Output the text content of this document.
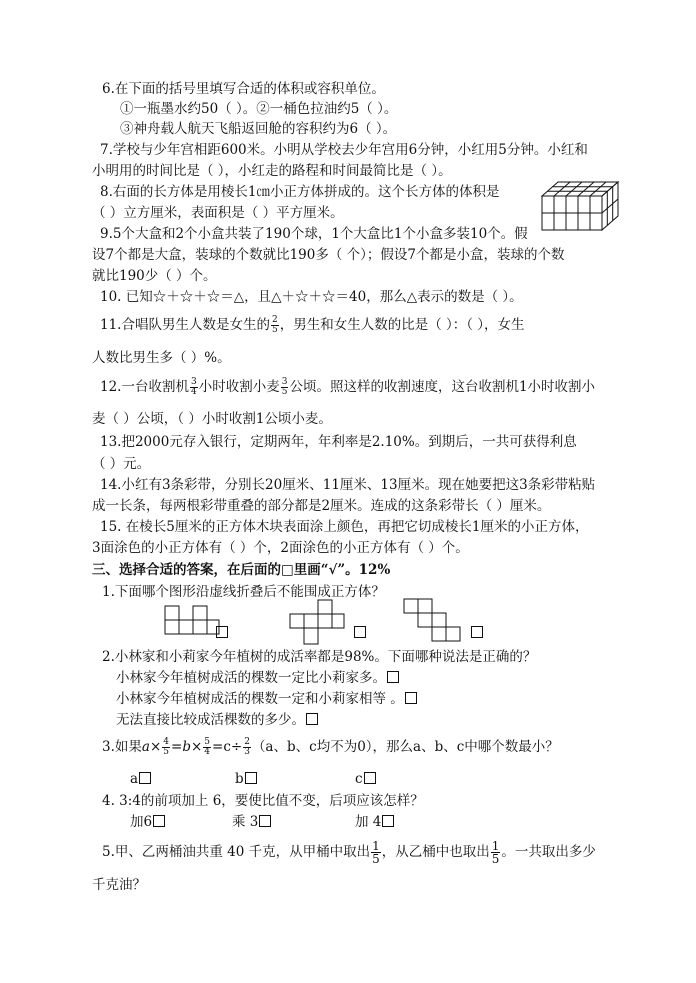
6.在下面的括号里填写合适的体积或容积单位。
①一瓶墨水约50（ ）。②一桶色拉油约5（ ）。
③神舟载人航天飞船返回舱的容积约为6（ ）。
7.学校与少年宫相距600米。小明从学校去少年宫用6分钟，小红用5分钟。小红和
小明用的时间比是（ ），小红走的路程和时间最简比是（ ）。
8.右面的长方体是用棱长1㎝小正方体拼成的。这个长方体的体积是
（ ）立方厘米，表面积是（ ）平方厘米。
9.5个大盒和2个小盒共装了190个球，1个大盒比1个小盒多装10个。假
设7个都是大盒，装球的个数就比190多（ 个）；假设7个都是小盒，装球的个数
就比190少（ ）个。
10. 已知☆＋☆＋☆＝△，且△＋☆＋☆＝40，那么△表示的数是（ ）。
11.合唱队男生人数是女生的 $\frac{2}{5}$ ，男生和女生人数的比是（ ）：（ ），女生
人数比男生多（ ）%。
12.一台收割机 $\frac{3}{4}$ 小时收割小麦 $\frac{3}{5}$ 公顷。照这样的收割速度，这台收割机1小时收割小
麦（ ）公顷，（ ）小时收割1公顷小麦。
13.把2000元存入银行，定期两年，年利率是2.10%。到期后，一共可获得利息
（ ）元。
14.小红有3条彩带，分别长20厘米、11厘米、13厘米。现在她要把这3条彩带粘贴
成一长条，每两根彩带重叠的部分都是2厘米。连成的这条彩带长（ ）厘米。
15. 在棱长5厘米的正方体木块表面涂上颜色，再把它切成棱长1厘米的小正方体，
3面涂色的小正方体有（ ）个，2面涂色的小正方体有（ ）个。
三、选择合适的答案，在后面的□里画“√”。12%
1.下面哪个图形沿虚线折叠后不能围成正方体？
2.小林家和小莉家今年植树的成活率都是98%。下面哪种说法是正确的？
小林家今年植树成活的棵数一定比小莉家多。
小林家今年植树成活的棵数一定和小莉家相等 。
无法直接比较成活棵数的多少。
3.如果$a\times \frac{4}{5} =b\times \frac{5}{4} =c\div \frac{2}{3} (a$、b、c均不为0），那么a、b、c中哪个数最小？
a	b	c
4. 3:4的前项加上 6，要使比值不变，后项应该怎样？
加6	乘 3	加 4
5.甲、乙两桶油共重 40 千克，从甲桶中取出 $\frac{1}{5}$ ，从乙桶中也取出 $\frac{1}{5}$ 。一共取出多少
千克油？
